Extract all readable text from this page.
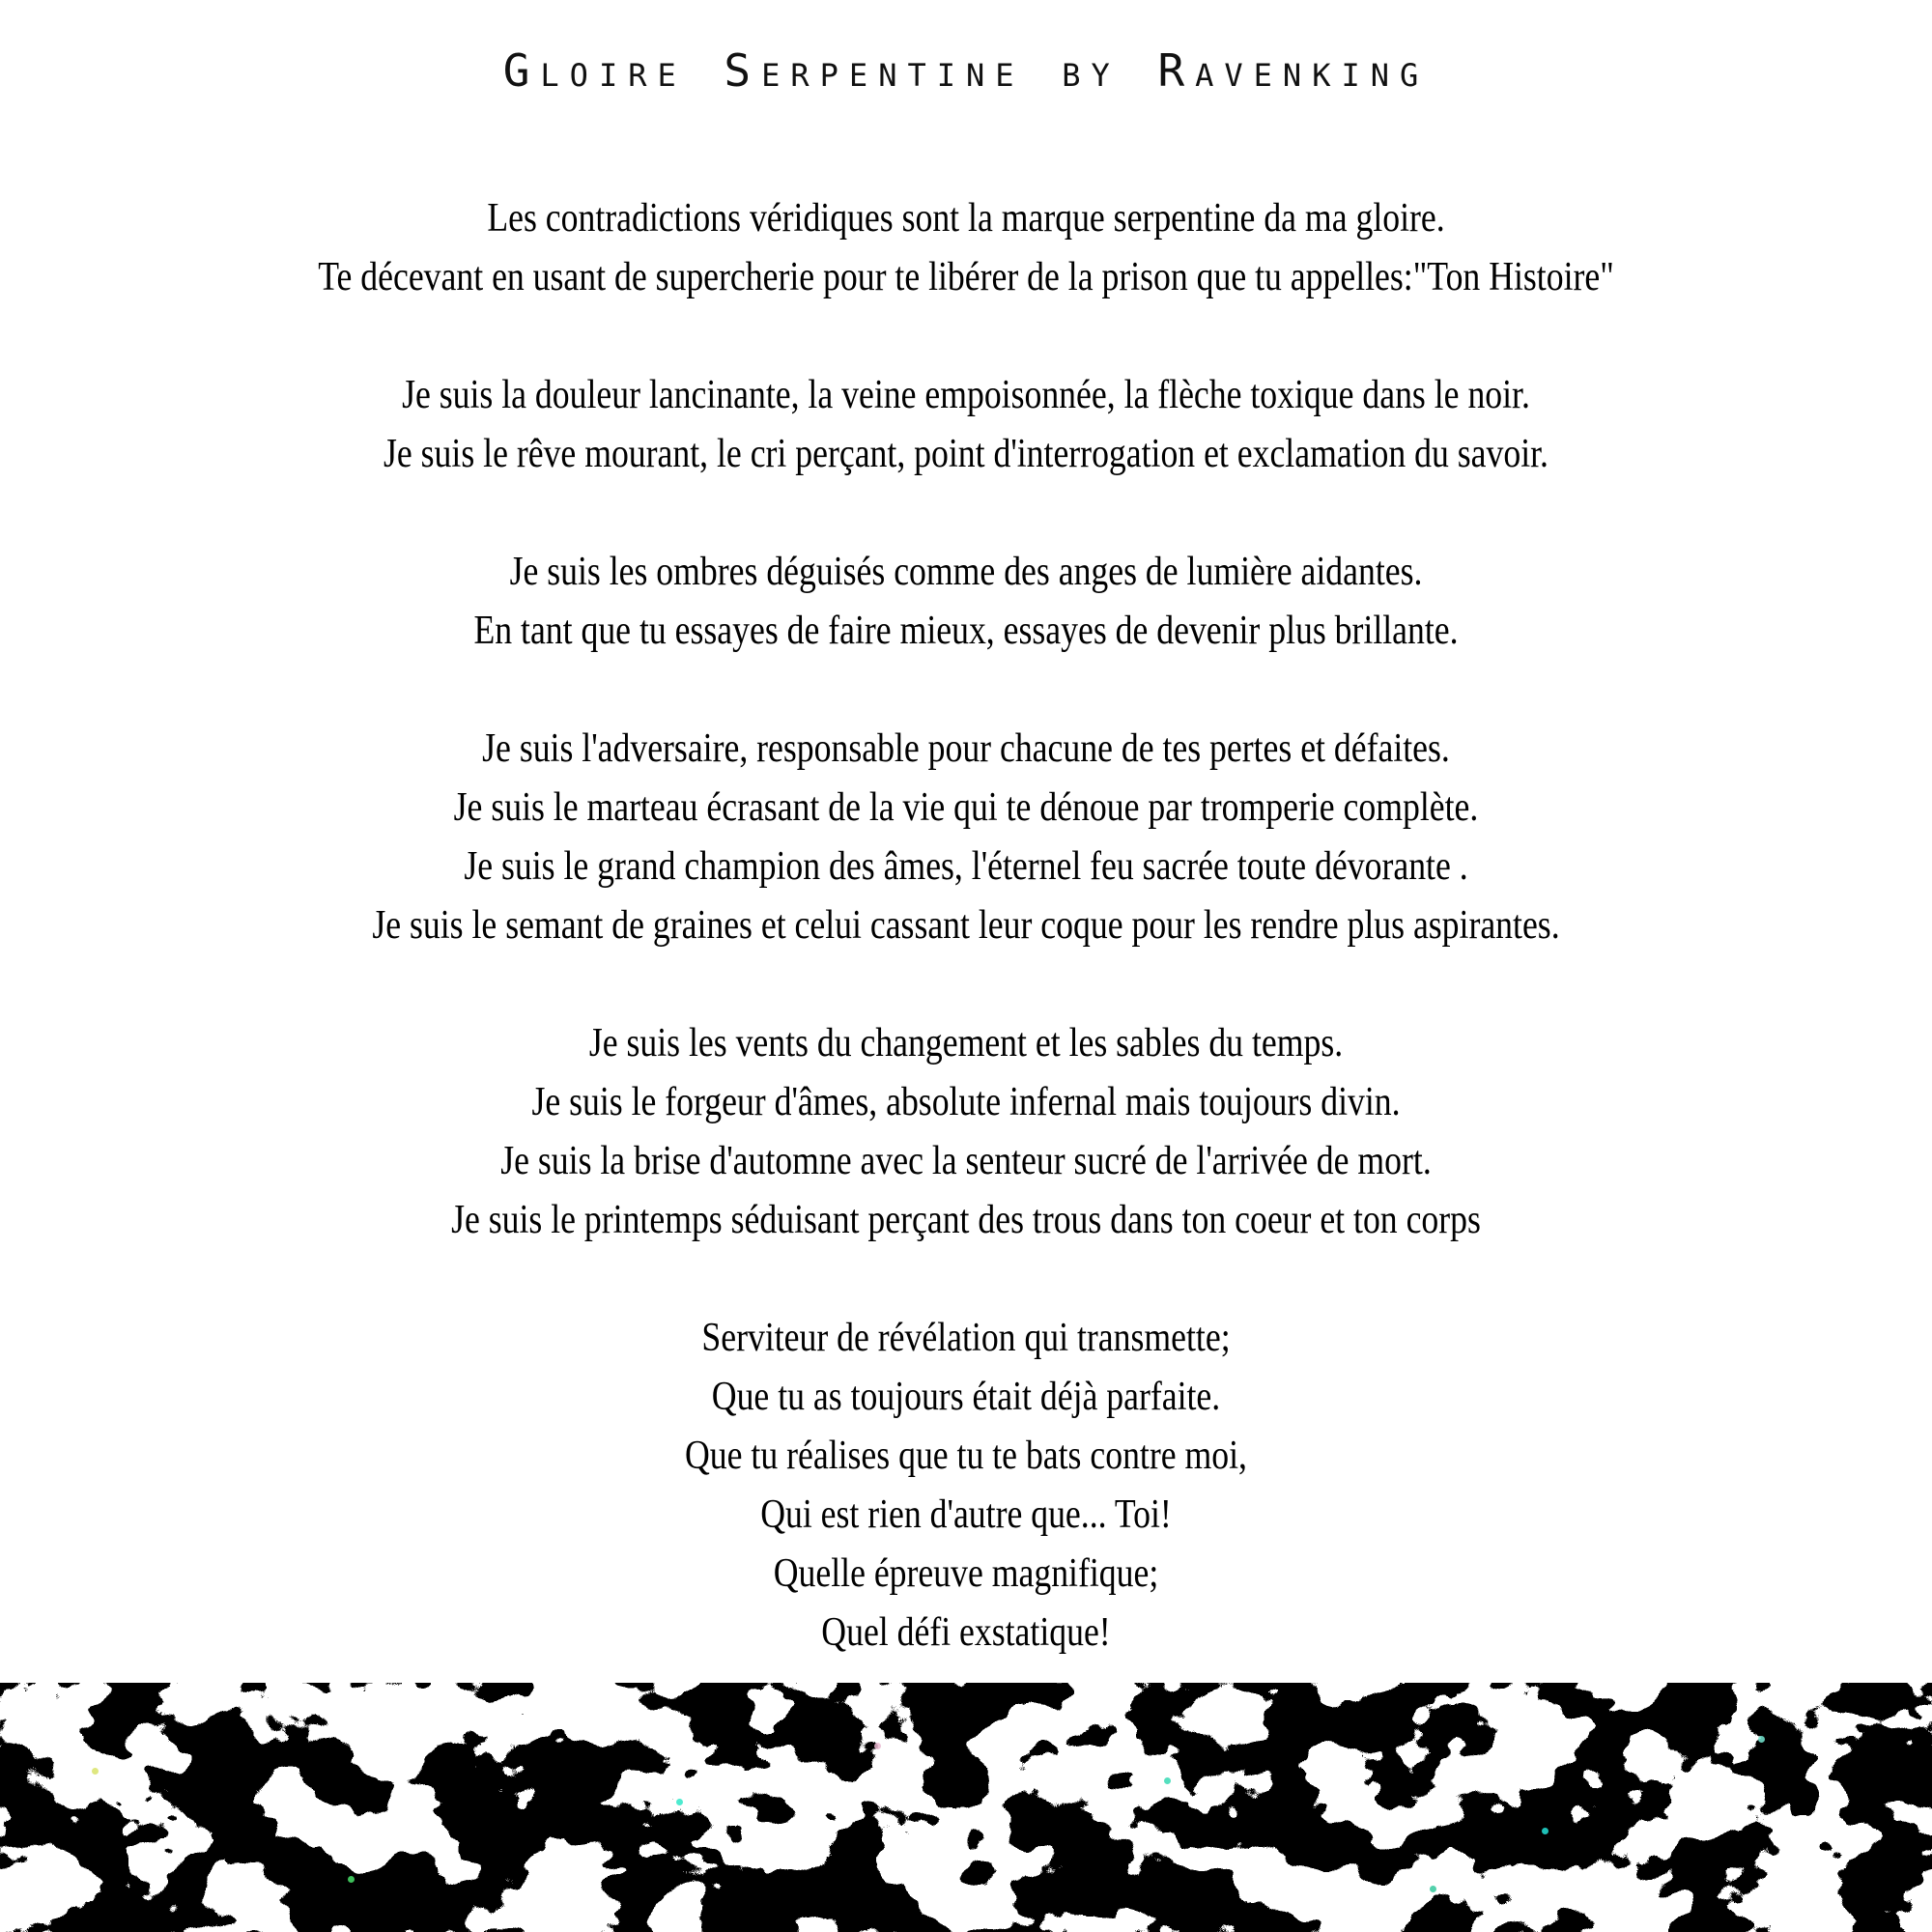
Gloire Serpentine by Ravenking

Les contradictions véridiques sont la marque serpentine da ma gloire.

Te décevant en usant de supercherie pour te libérer de la prison que tu appelles:"Ton Histoire"

Je suis la douleur lancinante, la veine empoisonnée, la flèche toxique dans le noir.

Je suis le rêve mourant, le cri perçant, point d'interrogation et exclamation du savoir.

Je suis les ombres déguisés comme des anges de lumière aidantes.

En tant que tu essayes de faire mieux, essayes de devenir plus brillante.

Je suis l'adversaire, responsable pour chacune de tes pertes et défaites.

Je suis le marteau écrasant de la vie qui te dénoue par tromperie complète.

Je suis le grand champion des âmes, l'éternel feu sacrée toute dévorante .

Je suis le semant de graines et celui cassant leur coque pour les rendre plus aspirantes.

Je suis les vents du changement et les sables du temps.

Je suis le forgeur d'âmes, absolute infernal mais toujours divin.

Je suis la brise d'automne avec la senteur sucré de l'arrivée de mort.

Je suis le printemps séduisant perçant des trous dans ton coeur et ton corps

Serviteur de révélation qui transmette;

Que tu as toujours était déjà parfaite.

Que tu réalises que tu te bats contre moi,

Qui est rien d'autre que... Toi!

Quelle épreuve magnifique;

Quel défi exstatique!
